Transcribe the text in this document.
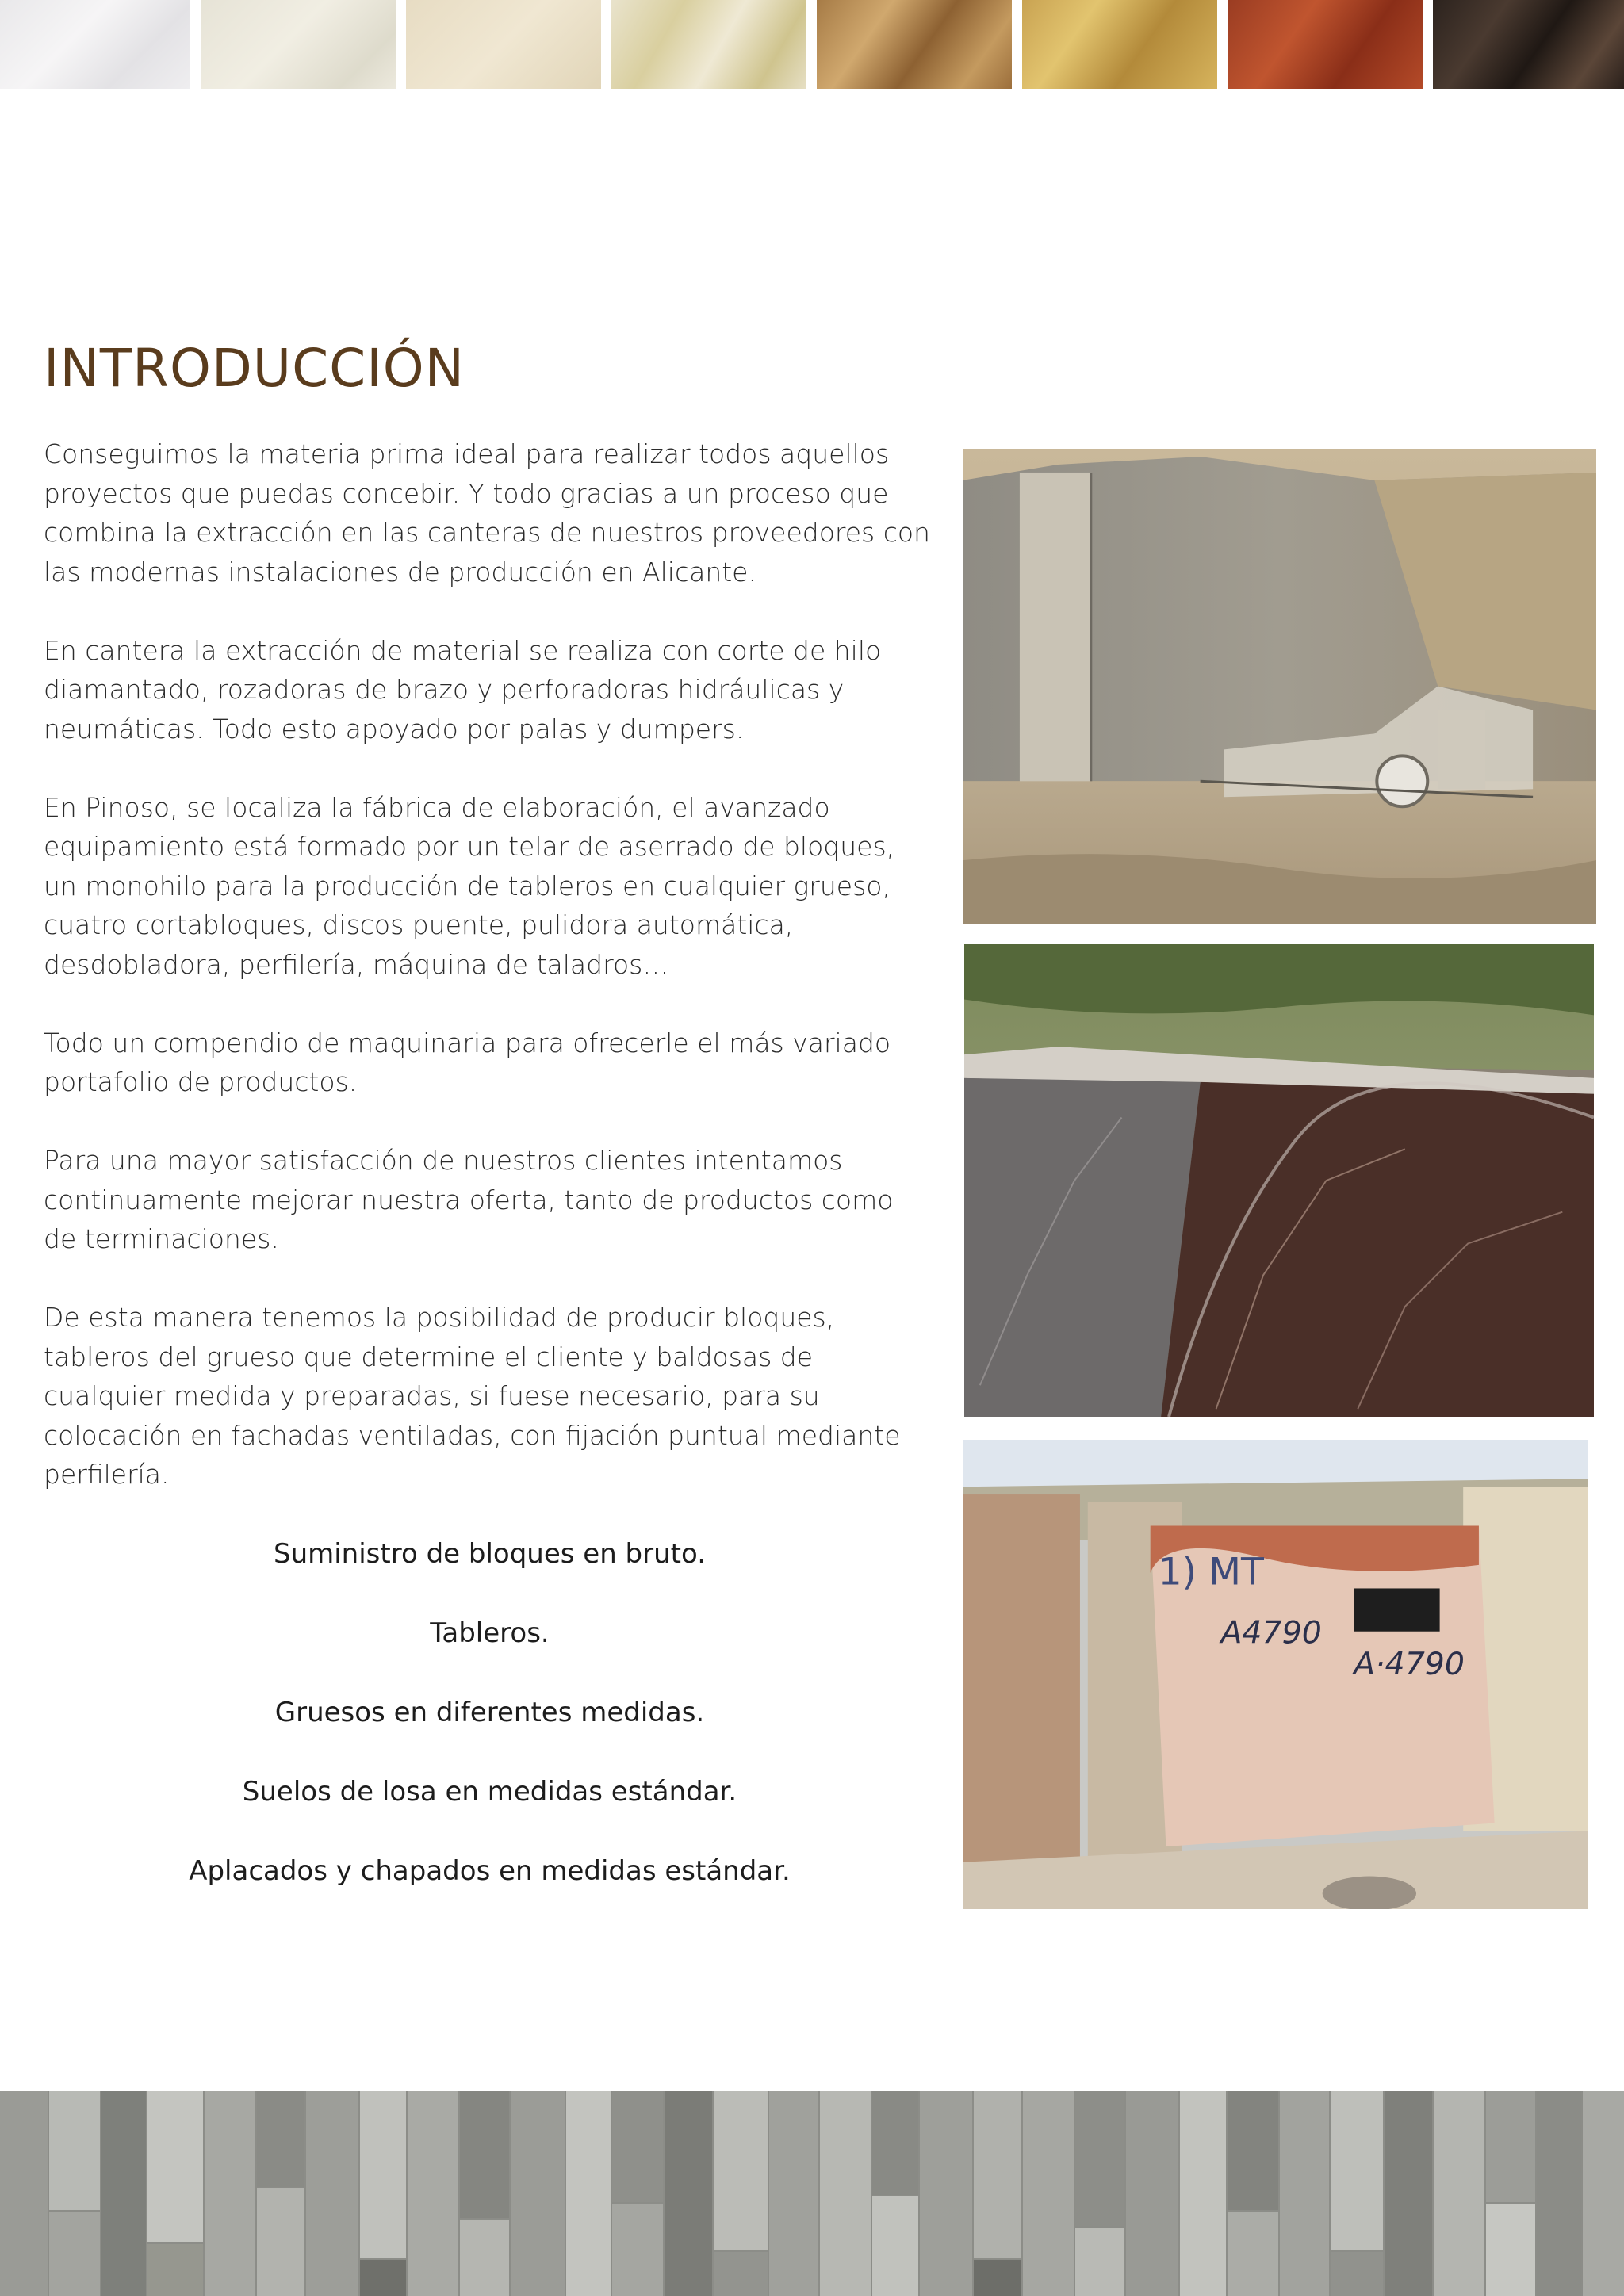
INTRODUCCIÓN

Conseguimos la materia prima ideal para realizar todos aquellos proyectos que puedas concebir. Y todo gracias a un proceso que combina la extracción en las canteras de nuestros proveedores con las modernas instalaciones de producción en Alicante.

En cantera la extracción de material se realiza con corte de hilo diamantado, rozadoras de brazo y perforadoras hidráulicas y neumáticas. Todo esto apoyado por palas y dumpers.

En Pinoso, se localiza la fábrica de elaboración, el avanzado equipamiento está formado por un telar de aserrado de bloques, un monohilo para la producción de tableros en cualquier grueso, cuatro cortabloques, discos puente, pulidora automática, desdobladora, perfilería, máquina de taladros…

Todo un compendio de maquinaria para ofrecerle el más variado portafolio de productos.

Para una mayor satisfacción de nuestros clientes intentamos continuamente mejorar nuestra oferta, tanto de productos como de terminaciones.

De esta manera tenemos la posibilidad de producir bloques, tableros del grueso que determine el cliente y baldosas de cualquier medida y preparadas, si fuese necesario, para su colocación en fachadas ventiladas, con fijación puntual mediante perfilería.

Suministro de bloques en bruto.
Tableros.
Gruesos en diferentes medidas.
Suelos de losa en medidas estándar.
Aplacados y chapados en medidas estándar.
1) MT
A4790
A·4790
